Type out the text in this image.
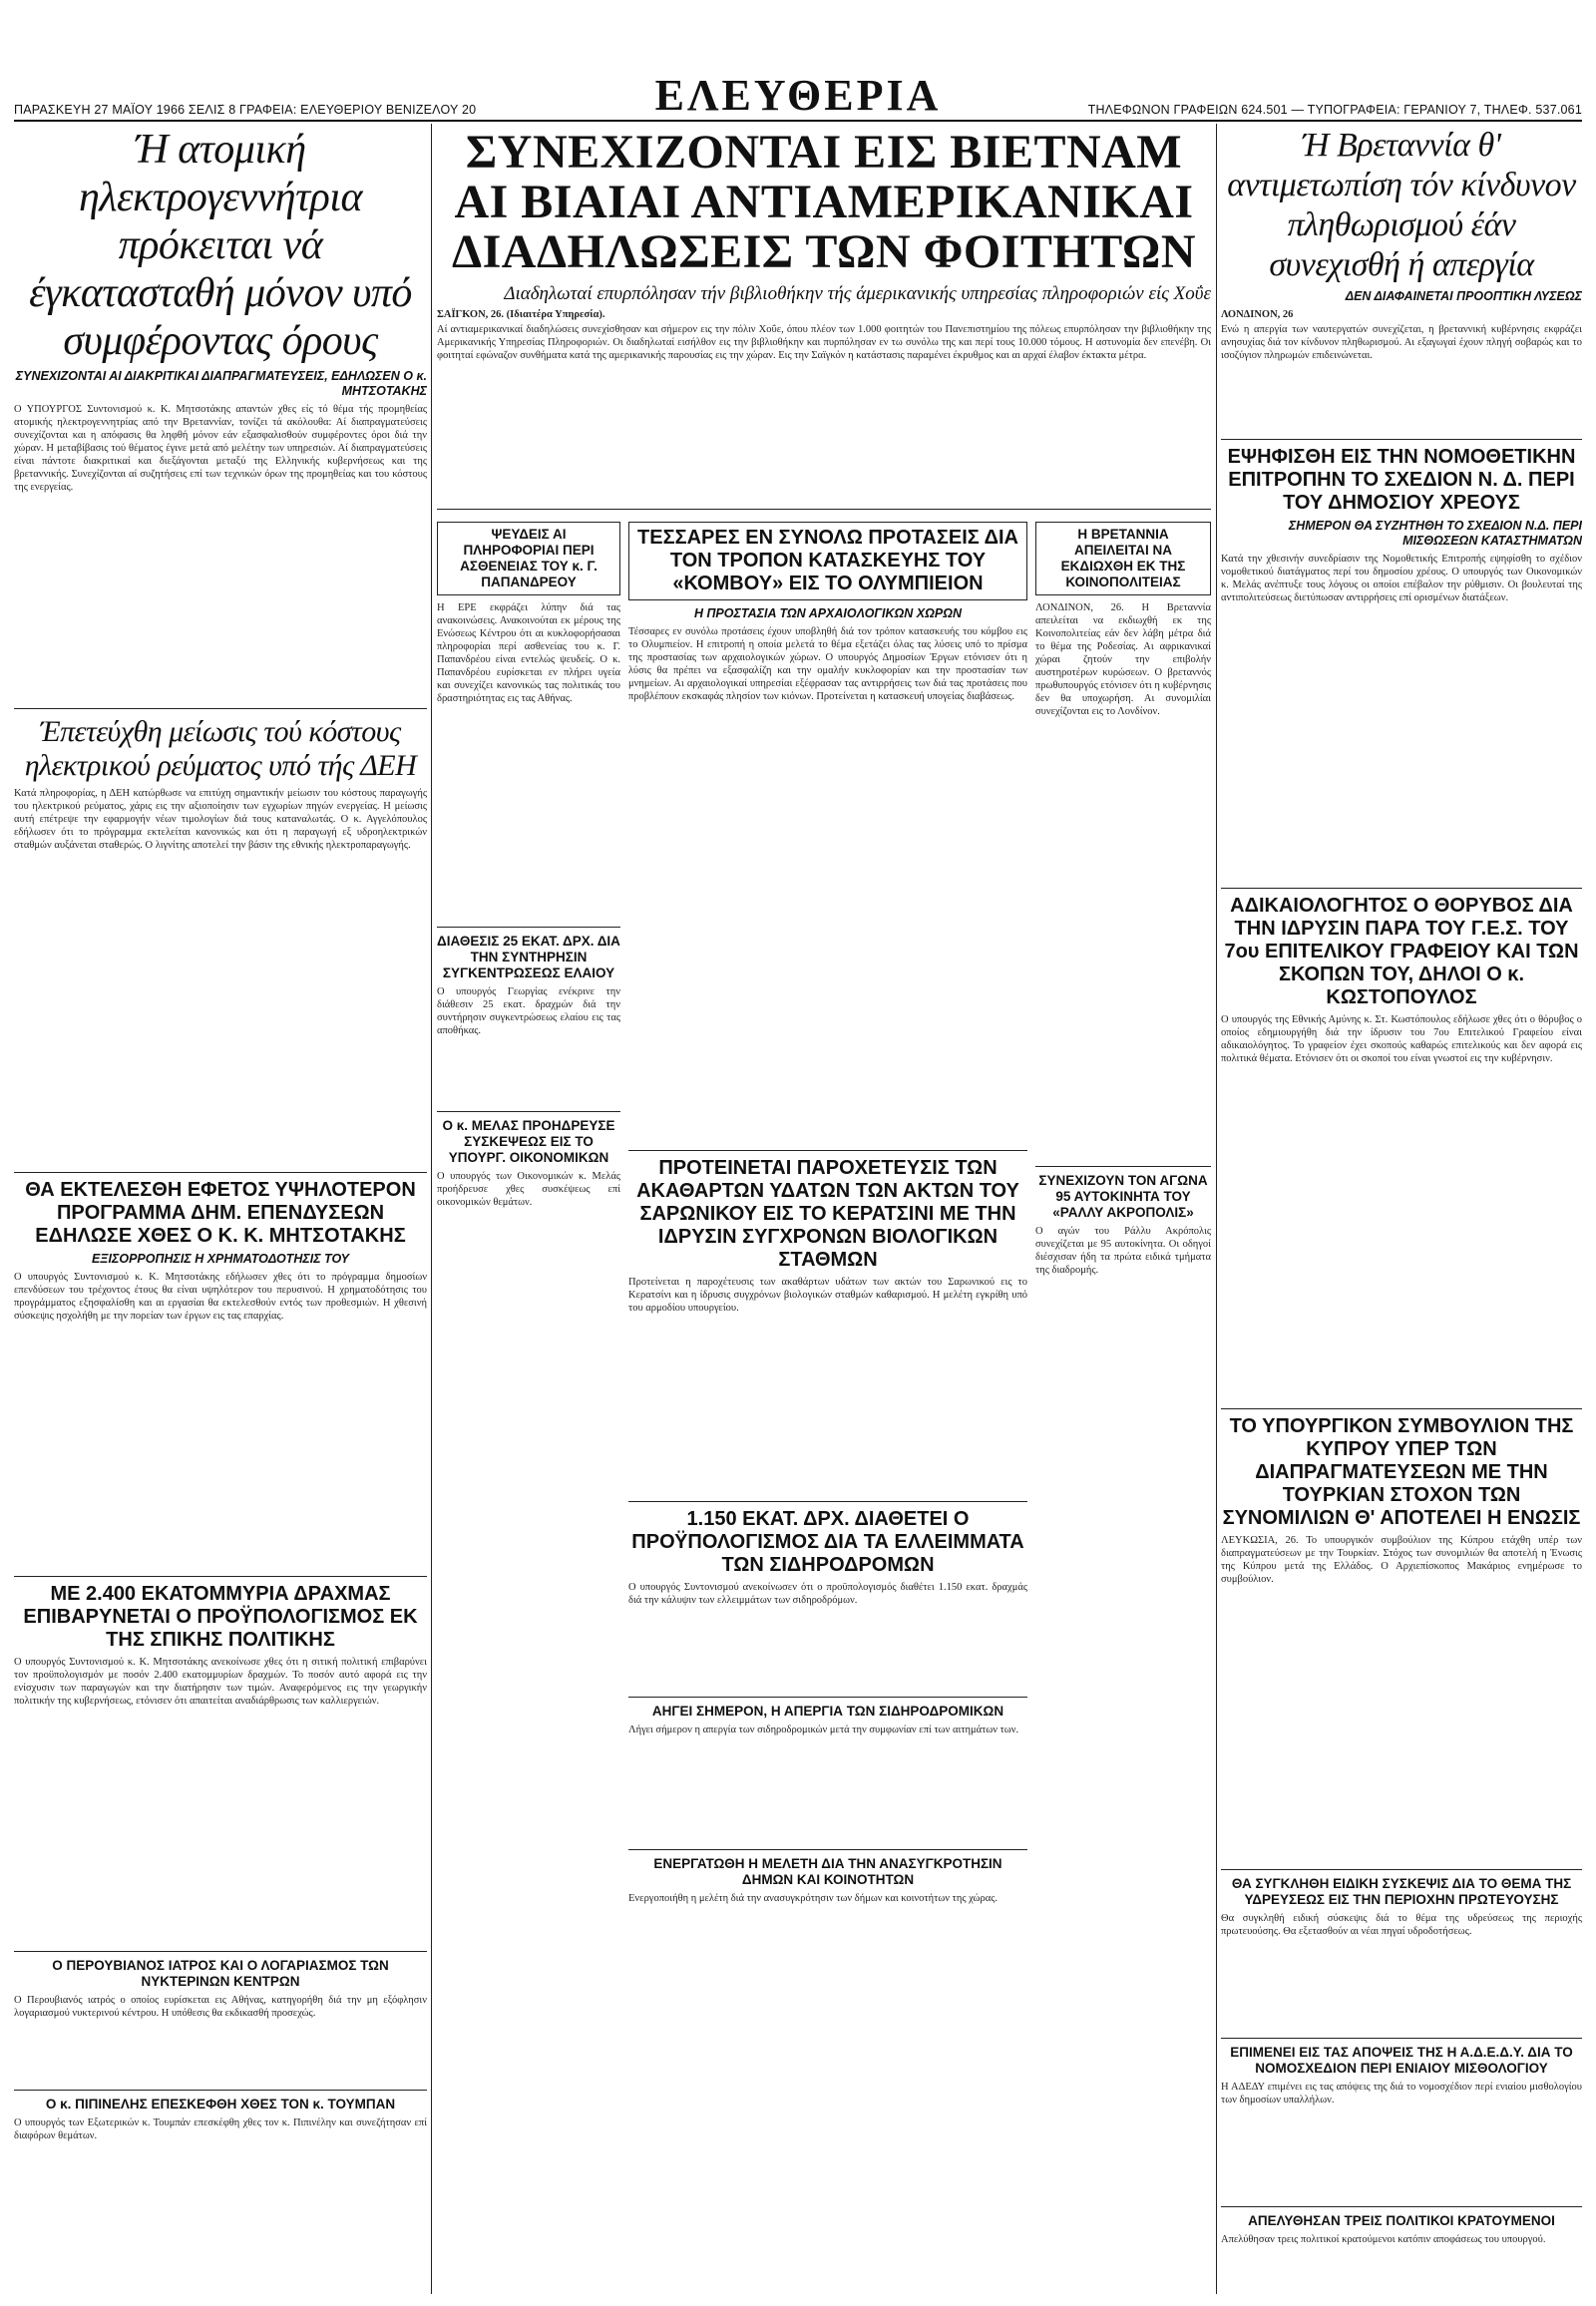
ΠΑΡΑΣΚΕΥΗ 27 ΜΑΪΟΥ 1966 ΣΕΛΙΣ 8 ΓΡΑΦΕΙΑ: ΕΛΕΥΘΕΡΙΟΥ ΒΕΝΙΖΕΛΟΥ 20	ΕΛΕΥΘΕΡΙΑ	ΤΗΛΕΦΩΝΟΝ ΓΡΑΦΕΙΩΝ 624.501 — ΤΥΠΟΓΡΑΦΕΙΑ: ΓΕΡΑΝΙΟΥ 7, ΤΗΛΕΦ. 537.061
Ή ατομική ηλεκτρογεννήτρια πρόκειται νά έγκατασταθή μόνον υπό συμφέροντας όρους
ΣΥΝΕΧΙΖΟΝΤΑΙ ΑΙ ΔΙΑΚΡΙΤΙΚΑΙ ΔΙΑΠΡΑΓΜΑΤΕΥΣΕΙΣ, ΕΔΗΛΩΣΕΝ Ο κ. ΜΗΤΣΟΤΑΚΗΣ

Ο ΥΠΟΥΡΓΟΣ Συντονισμού κ. Κ. Μητσοτάκης απαντών χθες είς τό θέμα τής προμηθείας ατομικής ηλεκτρογεννητρίας από την Βρεταννίαν, τονίζει τά ακόλουθα: Αί διαπραγματεύσεις συνεχίζονται και η απόφασις θα ληφθή μόνον εάν εξασφαλισθούν συμφέροντες όροι διά την χώραν. Η μεταβίβασις τού θέματος έγινε μετά από μελέτην των υπηρεσιών. Αί διαπραγματεύσεις είναι πάντοτε διακριτικαί και διεξάγονται μεταξύ της Ελληνικής κυβερνήσεως και της βρεταννικής. Συνεχίζονται αί συζητήσεις επί των τεχνικών όρων της προμηθείας και του κόστους της ενεργείας.

Έπετεύχθη μείωσις τού κόστους ηλεκτρικού ρεύματος υπό τής ΔΕΗ

Κατά πληροφορίας, η ΔΕΗ κατώρθωσε να επιτύχη σημαντικήν μείωσιν του κόστους παραγωγής του ηλεκτρικού ρεύματος, χάρις εις την αξιοποίησιν των εγχωρίων πηγών ενεργείας. Η μείωσις αυτή επέτρεψε την εφαρμογήν νέων τιμολογίων διά τους καταναλωτάς. Ο κ. Αγγελόπουλος εδήλωσεν ότι το πρόγραμμα εκτελείται κανονικώς και ότι η παραγωγή εξ υδροηλεκτρικών σταθμών αυξάνεται σταθερώς. Ο λιγνίτης αποτελεί την βάσιν της εθνικής ηλεκτροπαραγωγής.

ΘΑ ΕΚΤΕΛΕΣΘΗ ΕΦΕΤΟΣ ΥΨΗΛΟΤΕΡΟΝ ΠΡΟΓΡΑΜΜΑ ΔΗΜ. ΕΠΕΝΔΥΣΕΩΝ ΕΔΗΛΩΣΕ ΧΘΕΣ Ο Κ. Κ. ΜΗΤΣΟΤΑΚΗΣ
ΕΞΙΣΟΡΡΟΠΗΣΙΣ Η ΧΡΗΜΑΤΟΔΟΤΗΣΙΣ ΤΟΥ

Ο υπουργός Συντονισμού κ. Κ. Μητσοτάκης εδήλωσεν χθες ότι το πρόγραμμα δημοσίων επενδύσεων του τρέχοντος έτους θα είναι υψηλότερον του περυσινού. Η χρηματοδότησις του προγράμματος εξησφαλίσθη και αι εργασίαι θα εκτελεσθούν εντός των προθεσμιών. Η χθεσινή σύσκεψις ησχολήθη με την πορείαν των έργων εις τας επαρχίας.

ΜΕ 2.400 ΕΚΑΤΟΜΜΥΡΙΑ ΔΡΑΧΜΑΣ ΕΠΙΒΑΡΥΝΕΤΑΙ Ο ΠΡΟΫΠΟΛΟΓΙΣΜΟΣ ΕΚ ΤΗΣ ΣΠΙΚΗΣ ΠΟΛΙΤΙΚΗΣ

Ο υπουργός Συντονισμού κ. Κ. Μητσοτάκης ανεκοίνωσε χθες ότι η σιτική πολιτική επιβαρύνει τον προϋπολογισμόν με ποσόν 2.400 εκατομμυρίων δραχμών. Το ποσόν αυτό αφορά εις την ενίσχυσιν των παραγωγών και την διατήρησιν των τιμών. Αναφερόμενος εις την γεωργικήν πολιτικήν της κυβερνήσεως, ετόνισεν ότι απαιτείται αναδιάρθρωσις των καλλιεργειών.

Ο ΠΕΡΟΥΒΙΑΝΟΣ ΙΑΤΡΟΣ ΚΑΙ Ο ΛΟΓΑΡΙΑΣΜΟΣ ΤΩΝ ΝΥΚΤΕΡΙΝΩΝ ΚΕΝΤΡΩΝ

Ο Περουβιανός ιατρός ο οποίος ευρίσκεται εις Αθήνας, κατηγορήθη διά την μη εξόφλησιν λογαριασμού νυκτερινού κέντρου. Η υπόθεσις θα εκδικασθή προσεχώς.

Ο κ. ΠΙΠΙΝΕΛΗΣ ΕΠΕΣΚΕΦΘΗ ΧΘΕΣ ΤΟΝ κ. ΤΟΥΜΠΑΝ

Ο υπουργός των Εξωτερικών κ. Τουμπάν επεσκέφθη χθες τον κ. Πιπινέλην και συνεζήτησαν επί διαφόρων θεμάτων.

ΣΥΝΕΧΙΖΟΝΤΑΙ ΕΙΣ ΒΙΕΤΝΑΜ ΑΙ ΒΙΑΙΑΙ ΑΝΤΙΑΜΕΡΙΚΑΝΙΚΑΙ ΔΙΑΔΗΛΩΣΕΙΣ ΤΩΝ ΦΟΙΤΗΤΩΝ
Διαδηλωταί επυρπόλησαν τήν βιβλιοθήκην τής άμερικανικής υπηρεσίας πληροφοριών είς Χοΰε
ΣΑΪΓΚΟΝ, 26. (Ιδιαιτέρα Υπηρεσία).

Αί αντιαμερικανικαί διαδηλώσεις συνεχίσθησαν και σήμερον εις την πόλιν Χοΰε, όπου πλέον των 1.000 φοιτητών του Πανεπιστημίου της πόλεως επυρπόλησαν την βιβλιοθήκην της Αμερικανικής Υπηρεσίας Πληροφοριών. Οι διαδηλωταί εισήλθον εις την βιβλιοθήκην και πυρπόλησαν εν τω συνόλω της και περί τους 10.000 τόμους. Η αστυνομία δεν επενέβη. Οι φοιτηταί εφώναζον συνθήματα κατά της αμερικανικής παρουσίας εις την χώραν. Εις την Σαϊγκόν η κατάστασις παραμένει έκρυθμος και αι αρχαί έλαβον έκτακτα μέτρα.

ΨΕΥΔΕΙΣ ΑΙ ΠΛΗΡΟΦΟΡΙΑΙ ΠΕΡΙ ΑΣΘΕΝΕΙΑΣ ΤΟΥ κ. Γ. ΠΑΠΑΝΔΡΕΟΥ

Η ΕΡΕ εκφράζει λύπην διά τας ανακοινώσεις. Ανακοινούται εκ μέρους της Ενώσεως Κέντρου ότι αι κυκλοφορήσασαι πληροφορίαι περί ασθενείας του κ. Γ. Παπανδρέου είναι εντελώς ψευδείς. Ο κ. Παπανδρέου ευρίσκεται εν πλήρει υγεία και συνεχίζει κανονικώς τας πολιτικάς του δραστηριότητας εις τας Αθήνας.

ΔΙΑΘΕΣΙΣ 25 ΕΚΑΤ. ΔΡΧ. ΔΙΑ ΤΗΝ ΣΥΝΤΗΡΗΣΙΝ ΣΥΓΚΕΝΤΡΩΣΕΩΣ ΕΛΑΙΟΥ

Ο υπουργός Γεωργίας ενέκρινε την διάθεσιν 25 εκατ. δραχμών διά την συντήρησιν συγκεντρώσεως ελαίου εις τας αποθήκας.

Ο κ. ΜΕΛΑΣ ΠΡΟΗΔΡΕΥΣΕ ΣΥΣΚΕΨΕΩΣ ΕΙΣ ΤΟ ΥΠΟΥΡΓ. ΟΙΚΟΝΟΜΙΚΩΝ

Ο υπουργός των Οικονομικών κ. Μελάς προήδρευσε χθες συσκέψεως επί οικονομικών θεμάτων.

ΤΕΣΣΑΡΕΣ ΕΝ ΣΥΝΟΛΩ ΠΡΟΤΑΣΕΙΣ ΔΙΑ ΤΟΝ ΤΡΟΠΟΝ ΚΑΤΑΣΚΕΥΗΣ ΤΟΥ «ΚΟΜΒΟΥ» ΕΙΣ ΤΟ ΟΛΥΜΠΙΕΙΟΝ
Η ΠΡΟΣΤΑΣΙΑ ΤΩΝ ΑΡΧΑΙΟΛΟΓΙΚΩΝ ΧΩΡΩΝ

Τέσσαρες εν συνόλω προτάσεις έχουν υποβληθή διά τον τρόπον κατασκευής του κόμβου εις το Ολυμπιείον. Η επιτροπή η οποία μελετά το θέμα εξετάζει όλας τας λύσεις υπό το πρίσμα της προστασίας των αρχαιολογικών χώρων. Ο υπουργός Δημοσίων Έργων ετόνισεν ότι η λύσις θα πρέπει να εξασφαλίζη και την ομαλήν κυκλοφορίαν και την προστασίαν των μνημείων. Αι αρχαιολογικαί υπηρεσίαι εξέφρασαν τας αντιρρήσεις των διά τας προτάσεις που προβλέπουν εκσκαφάς πλησίον των κιόνων. Προτείνεται η κατασκευή υπογείας διαβάσεως.

ΠΡΟΤΕΙΝΕΤΑΙ ΠΑΡΟΧΕΤΕΥΣΙΣ ΤΩΝ ΑΚΑΘΑΡΤΩΝ ΥΔΑΤΩΝ ΤΩΝ ΑΚΤΩΝ ΤΟΥ ΣΑΡΩΝΙΚΟΥ ΕΙΣ ΤΟ ΚΕΡΑΤΣΙΝΙ ΜΕ ΤΗΝ ΙΔΡΥΣΙΝ ΣΥΓΧΡΟΝΩΝ ΒΙΟΛΟΓΙΚΩΝ ΣΤΑΘΜΩΝ

Προτείνεται η παροχέτευσις των ακαθάρτων υδάτων των ακτών του Σαρωνικού εις το Κερατσίνι και η ίδρυσις συγχρόνων βιολογικών σταθμών καθαρισμού. Η μελέτη εγκρίθη υπό του αρμοδίου υπουργείου.

1.150 ΕΚΑΤ. ΔΡΧ. ΔΙΑΘΕΤΕΙ Ο ΠΡΟΫΠΟΛΟΓΙΣΜΟΣ ΔΙΑ ΤΑ ΕΛΛΕΙΜΜΑΤΑ ΤΩΝ ΣΙΔΗΡΟΔΡΟΜΩΝ

Ο υπουργός Συντονισμού ανεκοίνωσεν ότι ο προϋπολογισμός διαθέτει 1.150 εκατ. δραχμάς διά την κάλυψιν των ελλειμμάτων των σιδηροδρόμων.

ΑΗΓΕΙ ΣΗΜΕΡΟΝ, Η ΑΠΕΡΓΙΑ ΤΩΝ ΣΙΔΗΡΟΔΡΟΜΙΚΩΝ

Λήγει σήμερον η απεργία των σιδηροδρομικών μετά την συμφωνίαν επί των αιτημάτων των.

ΕΝΕΡΓΑΤΩΘΗ Η ΜΕΛΕΤΗ ΔΙΑ ΤΗΝ ΑΝΑΣΥΓΚΡΟΤΗΣΙΝ ΔΗΜΩΝ ΚΑΙ ΚΟΙΝΟΤΗΤΩΝ

Ενεργοποιήθη η μελέτη διά την ανασυγκρότησιν των δήμων και κοινοτήτων της χώρας.

Η ΒΡΕΤΑΝΝΙΑ ΑΠΕΙΛΕΙΤΑΙ ΝΑ ΕΚΔΙΩΧΘΗ ΕΚ ΤΗΣ ΚΟΙΝΟΠΟΛΙΤΕΙΑΣ

ΛΟΝΔΙΝΟΝ, 26. Η Βρεταννία απειλείται να εκδιωχθή εκ της Κοινοπολιτείας εάν δεν λάβη μέτρα διά το θέμα της Ροδεσίας. Αι αφρικανικαί χώραι ζητούν την επιβολήν αυστηροτέρων κυρώσεων. Ο βρεταννός πρωθυπουργός ετόνισεν ότι η κυβέρνησις δεν θα υποχωρήση. Αι συνομιλίαι συνεχίζονται εις το Λονδίνον.

ΣΥΝΕΧΙΖΟΥΝ ΤΟΝ ΑΓΩΝΑ 95 ΑΥΤΟΚΙΝΗΤΑ ΤΟΥ «ΡΑΛΛΥ ΑΚΡΟΠΟΛΙΣ»

Ο αγών του Ράλλυ Ακρόπολις συνεχίζεται με 95 αυτοκίνητα. Οι οδηγοί διέσχισαν ήδη τα πρώτα ειδικά τμήματα της διαδρομής.

Ή Βρεταννία θ' αντιμετωπίση τόν κίνδυνον πληθωρισμού έάν συνεχισθή ή απεργία
ΔΕΝ ΔΙΑΦΑΙΝΕΤΑΙ ΠΡΟΟΠΤΙΚΗ ΛΥΣΕΩΣ
ΛΟΝΔΙΝΟΝ, 26

Ενώ η απεργία των ναυτεργατών συνεχίζεται, η βρεταννική κυβέρνησις εκφράζει ανησυχίας διά τον κίνδυνον πληθωρισμού. Αι εξαγωγαί έχουν πληγή σοβαρώς και το ισοζύγιον πληρωμών επιδεινώνεται.

ΕΨΗΦΙΣΘΗ ΕΙΣ ΤΗΝ ΝΟΜΟΘΕΤΙΚΗΝ ΕΠΙΤΡΟΠΗΝ ΤΟ ΣΧΕΔΙΟΝ Ν. Δ. ΠΕΡΙ ΤΟΥ ΔΗΜΟΣΙΟΥ ΧΡΕΟΥΣ
ΣΗΜΕΡΟΝ ΘΑ ΣΥΖΗΤΗΘΗ ΤΟ ΣΧΕΔΙΟΝ Ν.Δ. ΠΕΡΙ ΜΙΣΘΩΣΕΩΝ ΚΑΤΑΣΤΗΜΑΤΩΝ

Κατά την χθεσινήν συνεδρίασιν της Νομοθετικής Επιτροπής εψηφίσθη το σχέδιον νομοθετικού διατάγματος περί του δημοσίου χρέους. Ο υπουργός των Οικονομικών κ. Μελάς ανέπτυξε τους λόγους οι οποίοι επέβαλον την ρύθμισιν. Οι βουλευταί της αντιπολιτεύσεως διετύπωσαν αντιρρήσεις επί ορισμένων διατάξεων.

ΑΔΙΚΑΙΟΛΟΓΗΤΟΣ Ο ΘΟΡΥΒΟΣ ΔΙΑ ΤΗΝ ΙΔΡΥΣΙΝ ΠΑΡΑ ΤΟΥ Γ.Ε.Σ. ΤΟΥ 7ου ΕΠΙΤΕΛΙΚΟΥ ΓΡΑΦΕΙΟΥ ΚΑΙ ΤΩΝ ΣΚΟΠΩΝ ΤΟΥ, ΔΗΛΟΙ Ο κ. ΚΩΣΤΟΠΟΥΛΟΣ

Ο υπουργός της Εθνικής Αμύνης κ. Στ. Κωστόπουλος εδήλωσε χθες ότι ο θόρυβος ο οποίος εδημιουργήθη διά την ίδρυσιν του 7ου Επιτελικού Γραφείου είναι αδικαιολόγητος. Το γραφείον έχει σκοπούς καθαρώς επιτελικούς και δεν αφορά εις πολιτικά θέματα. Ετόνισεν ότι οι σκοποί του είναι γνωστοί εις την κυβέρνησιν.

ΤΟ ΥΠΟΥΡΓΙΚΟΝ ΣΥΜΒΟΥΛΙΟΝ ΤΗΣ ΚΥΠΡΟΥ ΥΠΕΡ ΤΩΝ ΔΙΑΠΡΑΓΜΑΤΕΥΣΕΩΝ ΜΕ ΤΗΝ ΤΟΥΡΚΙΑΝ ΣΤΟΧΟΝ ΤΩΝ ΣΥΝΟΜΙΛΙΩΝ Θ' ΑΠΟΤΕΛΕΙ Η ΕΝΩΣΙΣ

ΛΕΥΚΩΣΙΑ, 26. Το υπουργικόν συμβούλιον της Κύπρου ετάχθη υπέρ των διαπραγματεύσεων με την Τουρκίαν. Στόχος των συνομιλιών θα αποτελή η Ένωσις της Κύπρου μετά της Ελλάδος. Ο Αρχιεπίσκοπος Μακάριος ενημέρωσε το συμβούλιον.

ΘΑ ΣΥΓΚΛΗΘΗ ΕΙΔΙΚΗ ΣΥΣΚΕΨΙΣ ΔΙΑ ΤΟ ΘΕΜΑ ΤΗΣ ΥΔΡΕΥΣΕΩΣ ΕΙΣ ΤΗΝ ΠΕΡΙΟΧΗΝ ΠΡΩΤΕΥΟΥΣΗΣ

Θα συγκληθή ειδική σύσκεψις διά το θέμα της υδρεύσεως της περιοχής πρωτευούσης. Θα εξετασθούν αι νέαι πηγαί υδροδοτήσεως.

ΕΠΙΜΕΝΕΙ ΕΙΣ ΤΑΣ ΑΠΟΨΕΙΣ ΤΗΣ Η Α.Δ.Ε.Δ.Υ. ΔΙΑ ΤΟ ΝΟΜΟΣΧΕΔΙΟΝ ΠΕΡΙ ΕΝΙΑΙΟΥ ΜΙΣΘΟΛΟΓΙΟΥ

Η ΑΔΕΔΥ επιμένει εις τας απόψεις της διά το νομοσχέδιον περί ενιαίου μισθολογίου των δημοσίων υπαλλήλων.

ΑΠΕΛΥΘΗΣΑΝ ΤΡΕΙΣ ΠΟΛΙΤΙΚΟΙ ΚΡΑΤΟΥΜΕΝΟΙ

Απελύθησαν τρεις πολιτικοί κρατούμενοι κατόπιν αποφάσεως του υπουργού.
